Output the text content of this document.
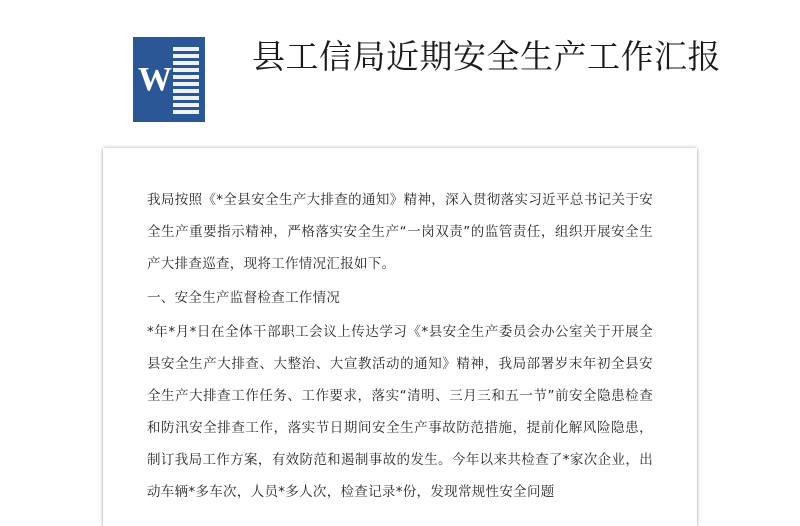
W
县工信局近期安全生产工作汇报

我局按照《*全县安全生产大排查的通知》精神，深入贯彻落实习近平总书记关于安全生产重要指示精神，严格落实安全生产“一岗双责”的监管责任，组织开展安全生产大排查巡查，现将工作情况汇报如下。

一、安全生产监督检查工作情况

*年*月*日在全体干部职工会议上传达学习《*县安全生产委员会办公室关于开展全县安全生产大排查、大整治、大宣教活动的通知》精神，我局部署岁末年初全县安全生产大排查工作任务、工作要求，落实“清明、三月三和五一节”前安全隐患检查和防汛安全排查工作，落实节日期间安全生产事故防范措施，提前化解风险隐患，制订我局工作方案，有效防范和遏制事故的发生。今年以来共检查了*家次企业，出动车辆*多车次，人员*多人次，检查记录*份，发现常规性安全问题
